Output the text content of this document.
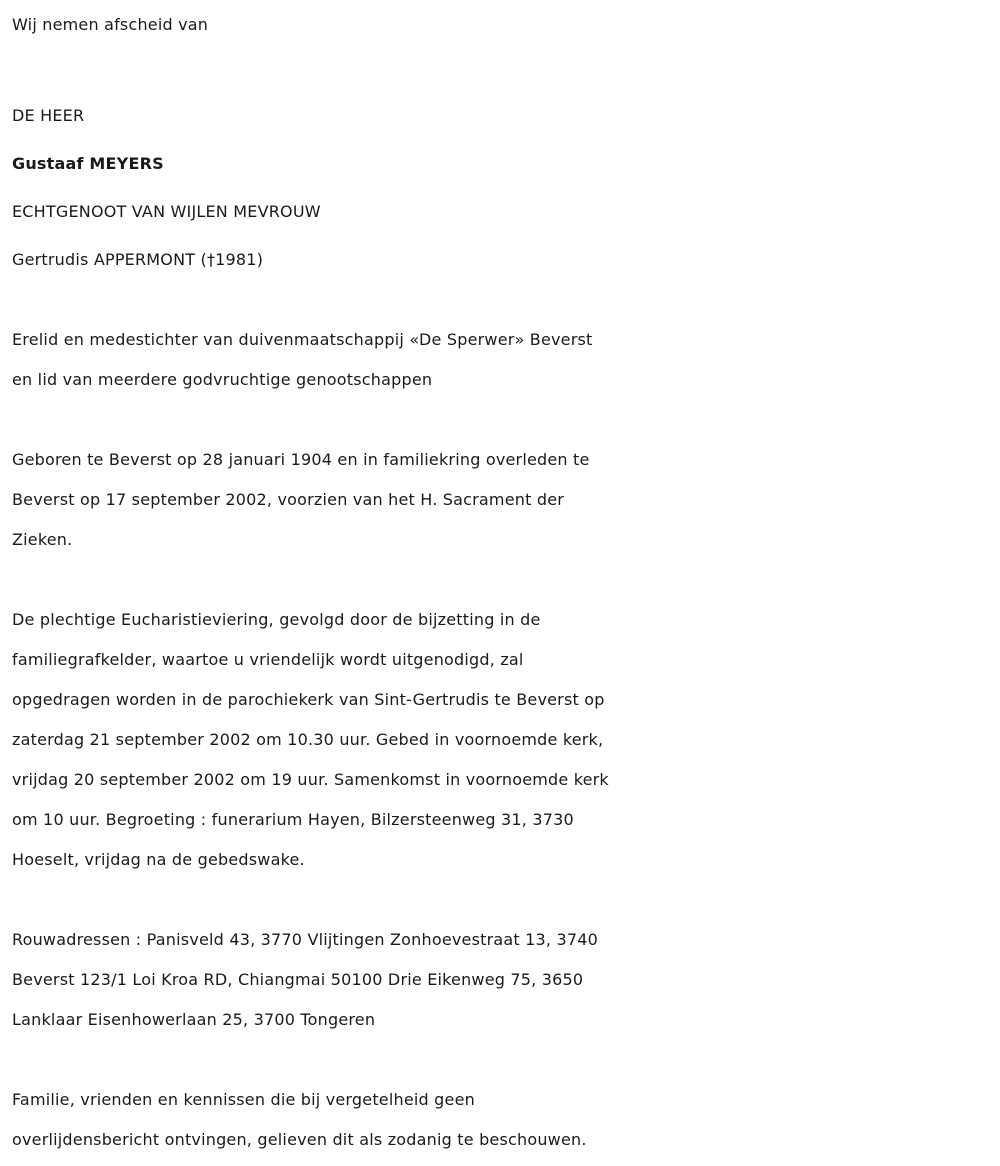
Wij nemen afscheid van
DE HEER
Gustaaf MEYERS
ECHTGENOOT VAN WIJLEN MEVROUW
Gertrudis APPERMONT (†1981)
Erelid en medestichter van duivenmaatschappij «De Sperwer» Beverst
en lid van meerdere godvruchtige genootschappen
Geboren te Beverst op 28 januari 1904 en in familiekring overleden te
Beverst op 17 september 2002, voorzien van het H. Sacrament der
Zieken.
De plechtige Eucharistieviering, gevolgd door de bijzetting in de
familiegrafkelder, waartoe u vriendelijk wordt uitgenodigd, zal
opgedragen worden in de parochiekerk van Sint-Gertrudis te Beverst op
zaterdag 21 september 2002 om 10.30 uur. Gebed in voornoemde kerk,
vrijdag 20 september 2002 om 19 uur. Samenkomst in voornoemde kerk
om 10 uur. Begroeting : funerarium Hayen, Bilzersteenweg 31, 3730
Hoeselt, vrijdag na de gebedswake.
Rouwadressen : Panisveld 43, 3770 Vlijtingen Zonhoevestraat 13, 3740
Beverst 123/1 Loi Kroa RD, Chiangmai 50100 Drie Eikenweg 75, 3650
Lanklaar Eisenhowerlaan 25, 3700 Tongeren
Familie, vrienden en kennissen die bij vergetelheid geen
overlijdensbericht ontvingen, gelieven dit als zodanig te beschouwen.
